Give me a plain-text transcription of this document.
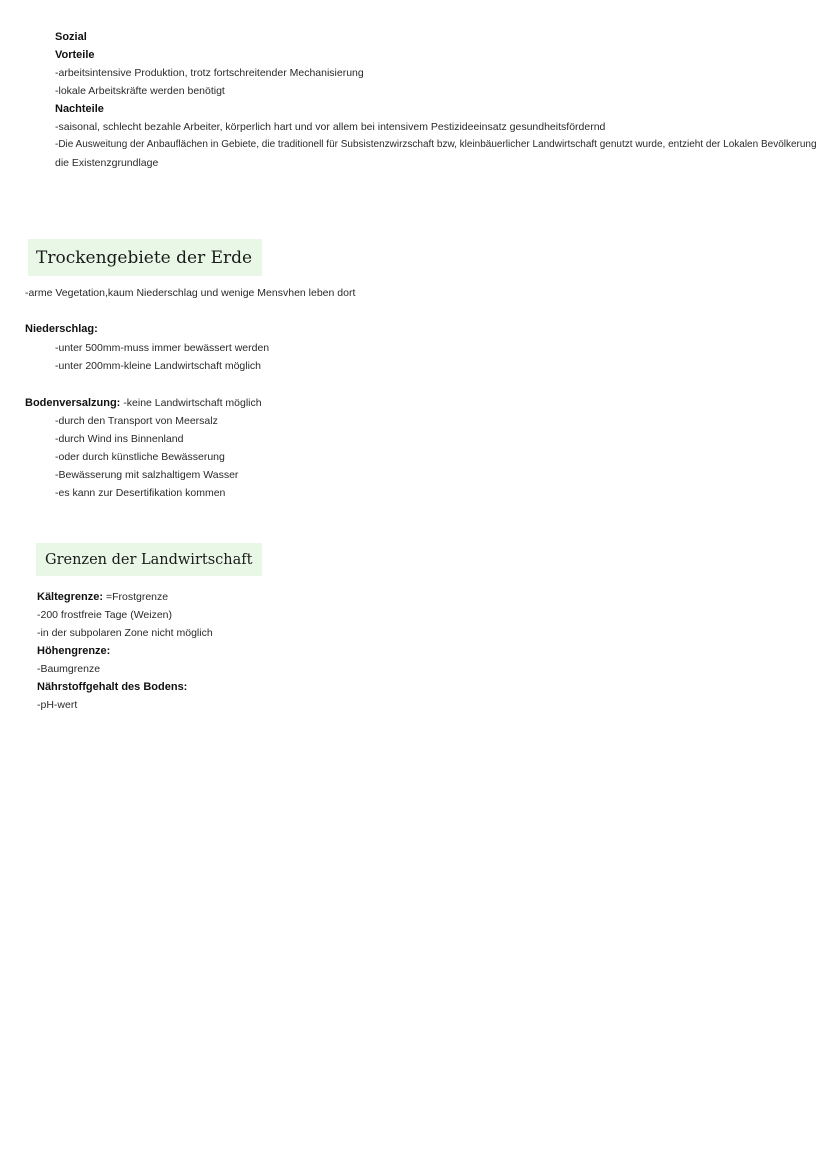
Sozial
Vorteile
-arbeitsintensive Produktion, trotz fortschreitender Mechanisierung
-lokale Arbeitskräfte werden benötigt
Nachteile
-saisonal, schlecht bezahle Arbeiter, körperlich hart und vor allem bei intensivem Pestizideeinsatz gesundheitsfördernd
-Die Ausweitung der Anbauflächen in Gebiete, die traditionell für Subsistenzwirzschaft bzw, kleinbäuerlicher Landwirtschaft genutzt wurde, entzieht der Lokalen Bevölkerung
die Existenzgrundlage
Trockengebiete der Erde
-arme Vegetation,kaum Niederschlag und wenige Mensvhen leben dort
Niederschlag:
-unter 500mm-muss immer bewässert werden
-unter 200mm-kleine Landwirtschaft möglich
Bodenversalzung: -keine Landwirtschaft möglich
-durch den Transport von Meersalz
-durch Wind ins Binnenland
-oder durch künstliche Bewässerung
-Bewässerung mit salzhaltigem Wasser
-es kann zur Desertifikation kommen
Grenzen der Landwirtschaft
Kältegrenze: =Frostgrenze
-200 frostfreie Tage (Weizen)
-in der subpolaren Zone nicht möglich
Höhengrenze:
-Baumgrenze
Nährstoffgehalt des Bodens:
-pH-wert
